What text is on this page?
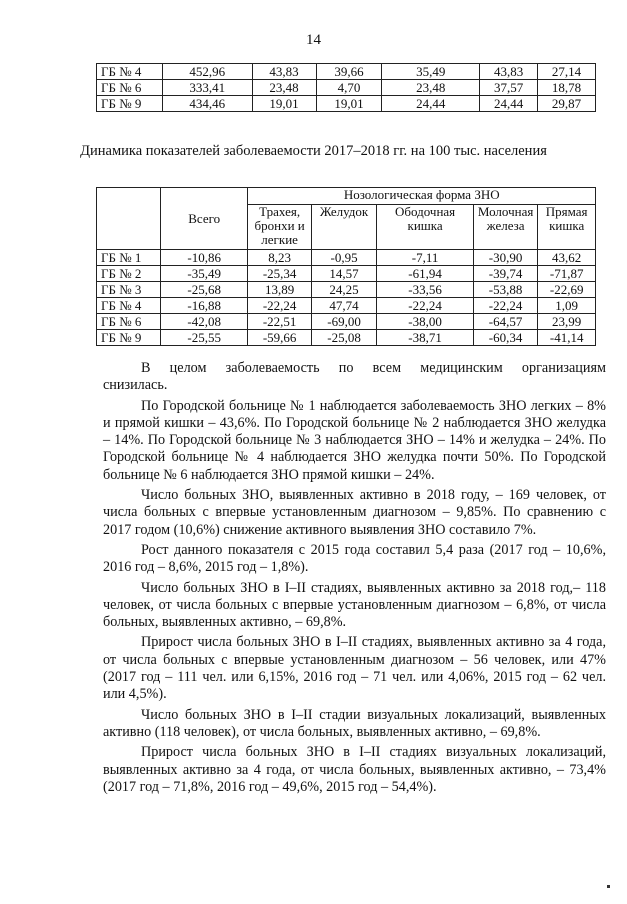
14
ГБ № 4	452,96	43,83	39,66	35,49	43,83	27,14
ГБ № 6	333,41	23,48	4,70	23,48	37,57	18,78
ГБ № 9	434,46	19,01	19,01	24,44	24,44	29,87
Динамика показателей заболеваемости 2017–2018 гг. на 100 тыс. населения
	Всего	Нозологическая форма ЗНО				
		Трахея, бронхи и легкие	Желудок	Ободочная кишка	Молочная железа	Прямая кишка
ГБ № 1	-10,86	8,23	-0,95	-7,11	-30,90	43,62
ГБ № 2	-35,49	-25,34	14,57	-61,94	-39,74	-71,87
ГБ № 3	-25,68	13,89	24,25	-33,56	-53,88	-22,69
ГБ № 4	-16,88	-22,24	47,74	-22,24	-22,24	1,09
ГБ № 6	-42,08	-22,51	-69,00	-38,00	-64,57	23,99
ГБ № 9	-25,55	-59,66	-25,08	-38,71	-60,34	-41,14

В целом заболеваемость по всем медицинским организациям

снизилась.

По Городской больнице № 1 наблюдается заболеваемость ЗНО легких – 8% и прямой кишки – 43,6%. По Городской больнице № 2 наблюдается ЗНО желудка – 14%. По Городской больнице № 3 наблюдается ЗНО – 14% и желудка – 24%. По Городской больнице № 4 наблюдается ЗНО желудка почти 50%. По Городской больнице № 6 наблюдается ЗНО прямой кишки – 24%.

Число больных ЗНО, выявленных активно в 2018 году, – 169 человек, от числа больных с впервые установленным диагнозом – 9,85%. По сравнению с 2017 годом (10,6%) снижение активного выявления ЗНО составило 7%.

Рост данного показателя с 2015 года составил 5,4 раза (2017 год – 10,6%, 2016 год – 8,6%, 2015 год – 1,8%).

Число больных ЗНО в I–II стадиях, выявленных активно за 2018 год,– 118 человек, от числа больных с впервые установленным диагнозом – 6,8%, от числа больных, выявленных активно, – 69,8%.

Прирост числа больных ЗНО в I–II стадиях, выявленных активно за 4 года, от числа больных с впервые установленным диагнозом – 56 человек, или 47% (2017 год – 111 чел. или 6,15%, 2016 год – 71 чел. или 4,06%, 2015 год – 62 чел. или 4,5%).

Число больных ЗНО в I–II стадии визуальных локализаций, выявленных активно (118 человек), от числа больных, выявленных активно, – 69,8%.

Прирост числа больных ЗНО в I–II стадиях визуальных локализаций, выявленных активно за 4 года, от числа больных, выявленных активно, – 73,4% (2017 год – 71,8%, 2016 год – 49,6%, 2015 год – 54,4%).
